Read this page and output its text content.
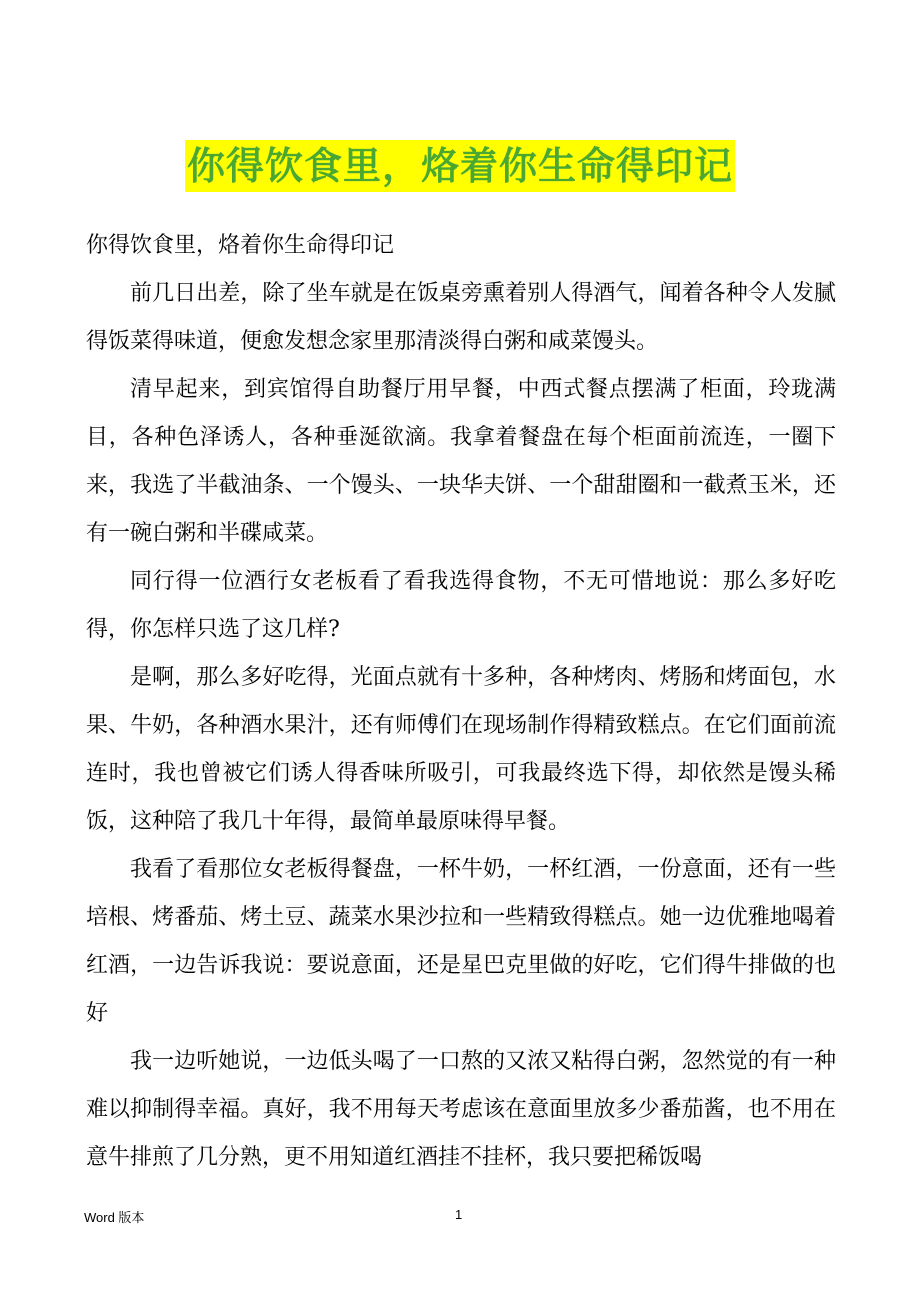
你得饮食里，烙着你生命得印记

你得饮食里，烙着你生命得印记

前几日出差，除了坐车就是在饭桌旁熏着别人得酒气，闻着各种令人发腻得饭菜得味道，便愈发想念家里那清淡得白粥和咸菜馒头。

清早起来，到宾馆得自助餐厅用早餐，中西式餐点摆满了柜面，玲珑满目，各种色泽诱人，各种垂涎欲滴。我拿着餐盘在每个柜面前流连，一圈下来，我选了半截油条、一个馒头、一块华夫饼、一个甜甜圈和一截煮玉米，还有一碗白粥和半碟咸菜。

同行得一位酒行女老板看了看我选得食物，不无可惜地说：那么多好吃得，你怎样只选了这几样?

是啊，那么多好吃得，光面点就有十多种，各种烤肉、烤肠和烤面包，水果、牛奶，各种酒水果汁，还有师傅们在现场制作得精致糕点。在它们面前流连时，我也曾被它们诱人得香味所吸引，可我最终选下得，却依然是馒头稀饭，这种陪了我几十年得，最简单最原味得早餐。

我看了看那位女老板得餐盘，一杯牛奶，一杯红酒，一份意面，还有一些培根、烤番茄、烤土豆、蔬菜水果沙拉和一些精致得糕点。她一边优雅地喝着红酒，一边告诉我说：要说意面，还是星巴克里做的好吃，它们得牛排做的也好

我一边听她说，一边低头喝了一口熬的又浓又粘得白粥，忽然觉的有一种难以抑制得幸福。真好，我不用每天考虑该在意面里放多少番茄酱，也不用在意牛排煎了几分熟，更不用知道红酒挂不挂杯，我只要把稀饭喝

Word 版本	1
